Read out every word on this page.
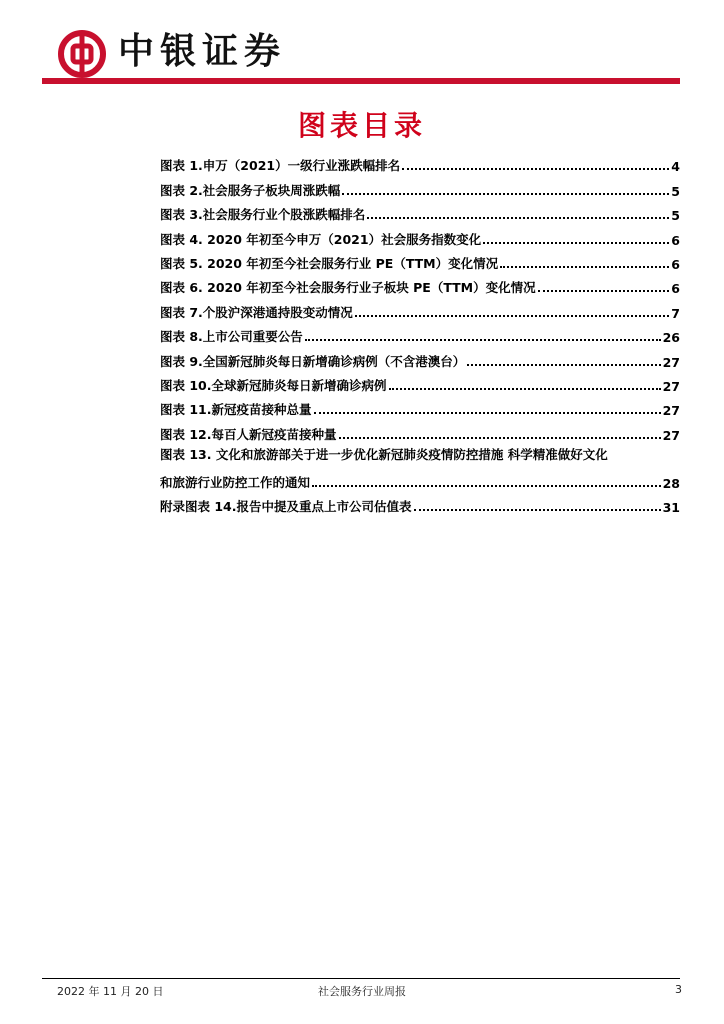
中银证券
图表目录
图表 1.申万（2021）一级行业涨跌幅排名	4
图表 2.社会服务子板块周涨跌幅	5
图表 3.社会服务行业个股涨跌幅排名	5
图表 4. 2020 年初至今申万（2021）社会服务指数变化	6
图表 5. 2020 年初至今社会服务行业 PE（TTM）变化情况	6
图表 6. 2020 年初至今社会服务行业子板块 PE（TTM）变化情况	6
图表 7.个股沪深港通持股变动情况	7
图表 8.上市公司重要公告	26
图表 9.全国新冠肺炎每日新增确诊病例（不含港澳台）	27
图表 10.全球新冠肺炎每日新增确诊病例	27
图表 11.新冠疫苗接种总量	27
图表 12.每百人新冠疫苗接种量	27
图表 13. 文化和旅游部关于进一步优化新冠肺炎疫情防控措施 科学精准做好文化
和旅游行业防控工作的通知	28
附录图表 14.报告中提及重点上市公司估值表	31
2022 年 11 月 20 日	社会服务行业周报	3
